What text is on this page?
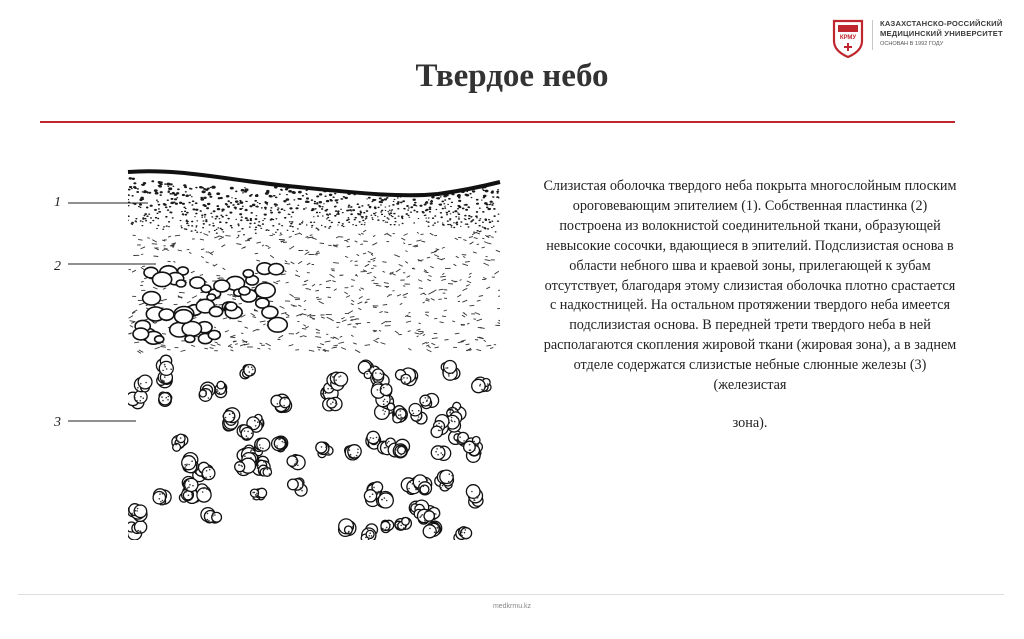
КРМУ
КАЗАХСТАНСКО-РОССИЙСКИЙ
МЕДИЦИНСКИЙ УНИВЕРСИТЕТ
ОСНОВАН В 1992 ГОДУ
Твердое небо
1
2
3
Слизистая оболочка твердого неба покрыта многослойным плоским ороговевающим эпителием (1). Собственная пластинка (2) построена из волокнистой соединительной ткани, образующей невысокие сосочки, вдающиеся в эпителий. Подслизистая основа в области небного шва и краевой зоны, прилегающей к зубам отсутствует, благодаря этому слизистая оболочка плотно срастается с надкостницей. На остальном протяжении твердого неба имеется подслизистая основа. В передней трети твердого неба в ней располагаются скопления жировой ткани (жировая зона), а в заднем отделе содержатся слизистые небные слюнные железы (3) (железистая
зона).
medkrmu.kz
